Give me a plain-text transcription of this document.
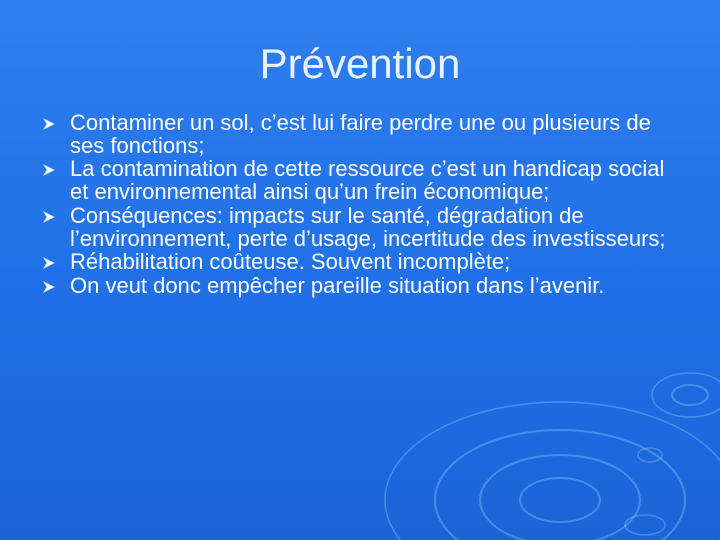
Prévention
Contaminer un sol, c’est lui faire perdre une ou plusieurs de ses fonctions;
La contamination de cette ressource c’est un handicap social et environnemental ainsi qu’un frein économique;
Conséquences: impacts sur le santé, dégradation de l’environnement, perte d’usage, incertitude des investisseurs;
Réhabilitation coûteuse. Souvent incomplète;
On veut donc empêcher pareille situation dans l’avenir.
